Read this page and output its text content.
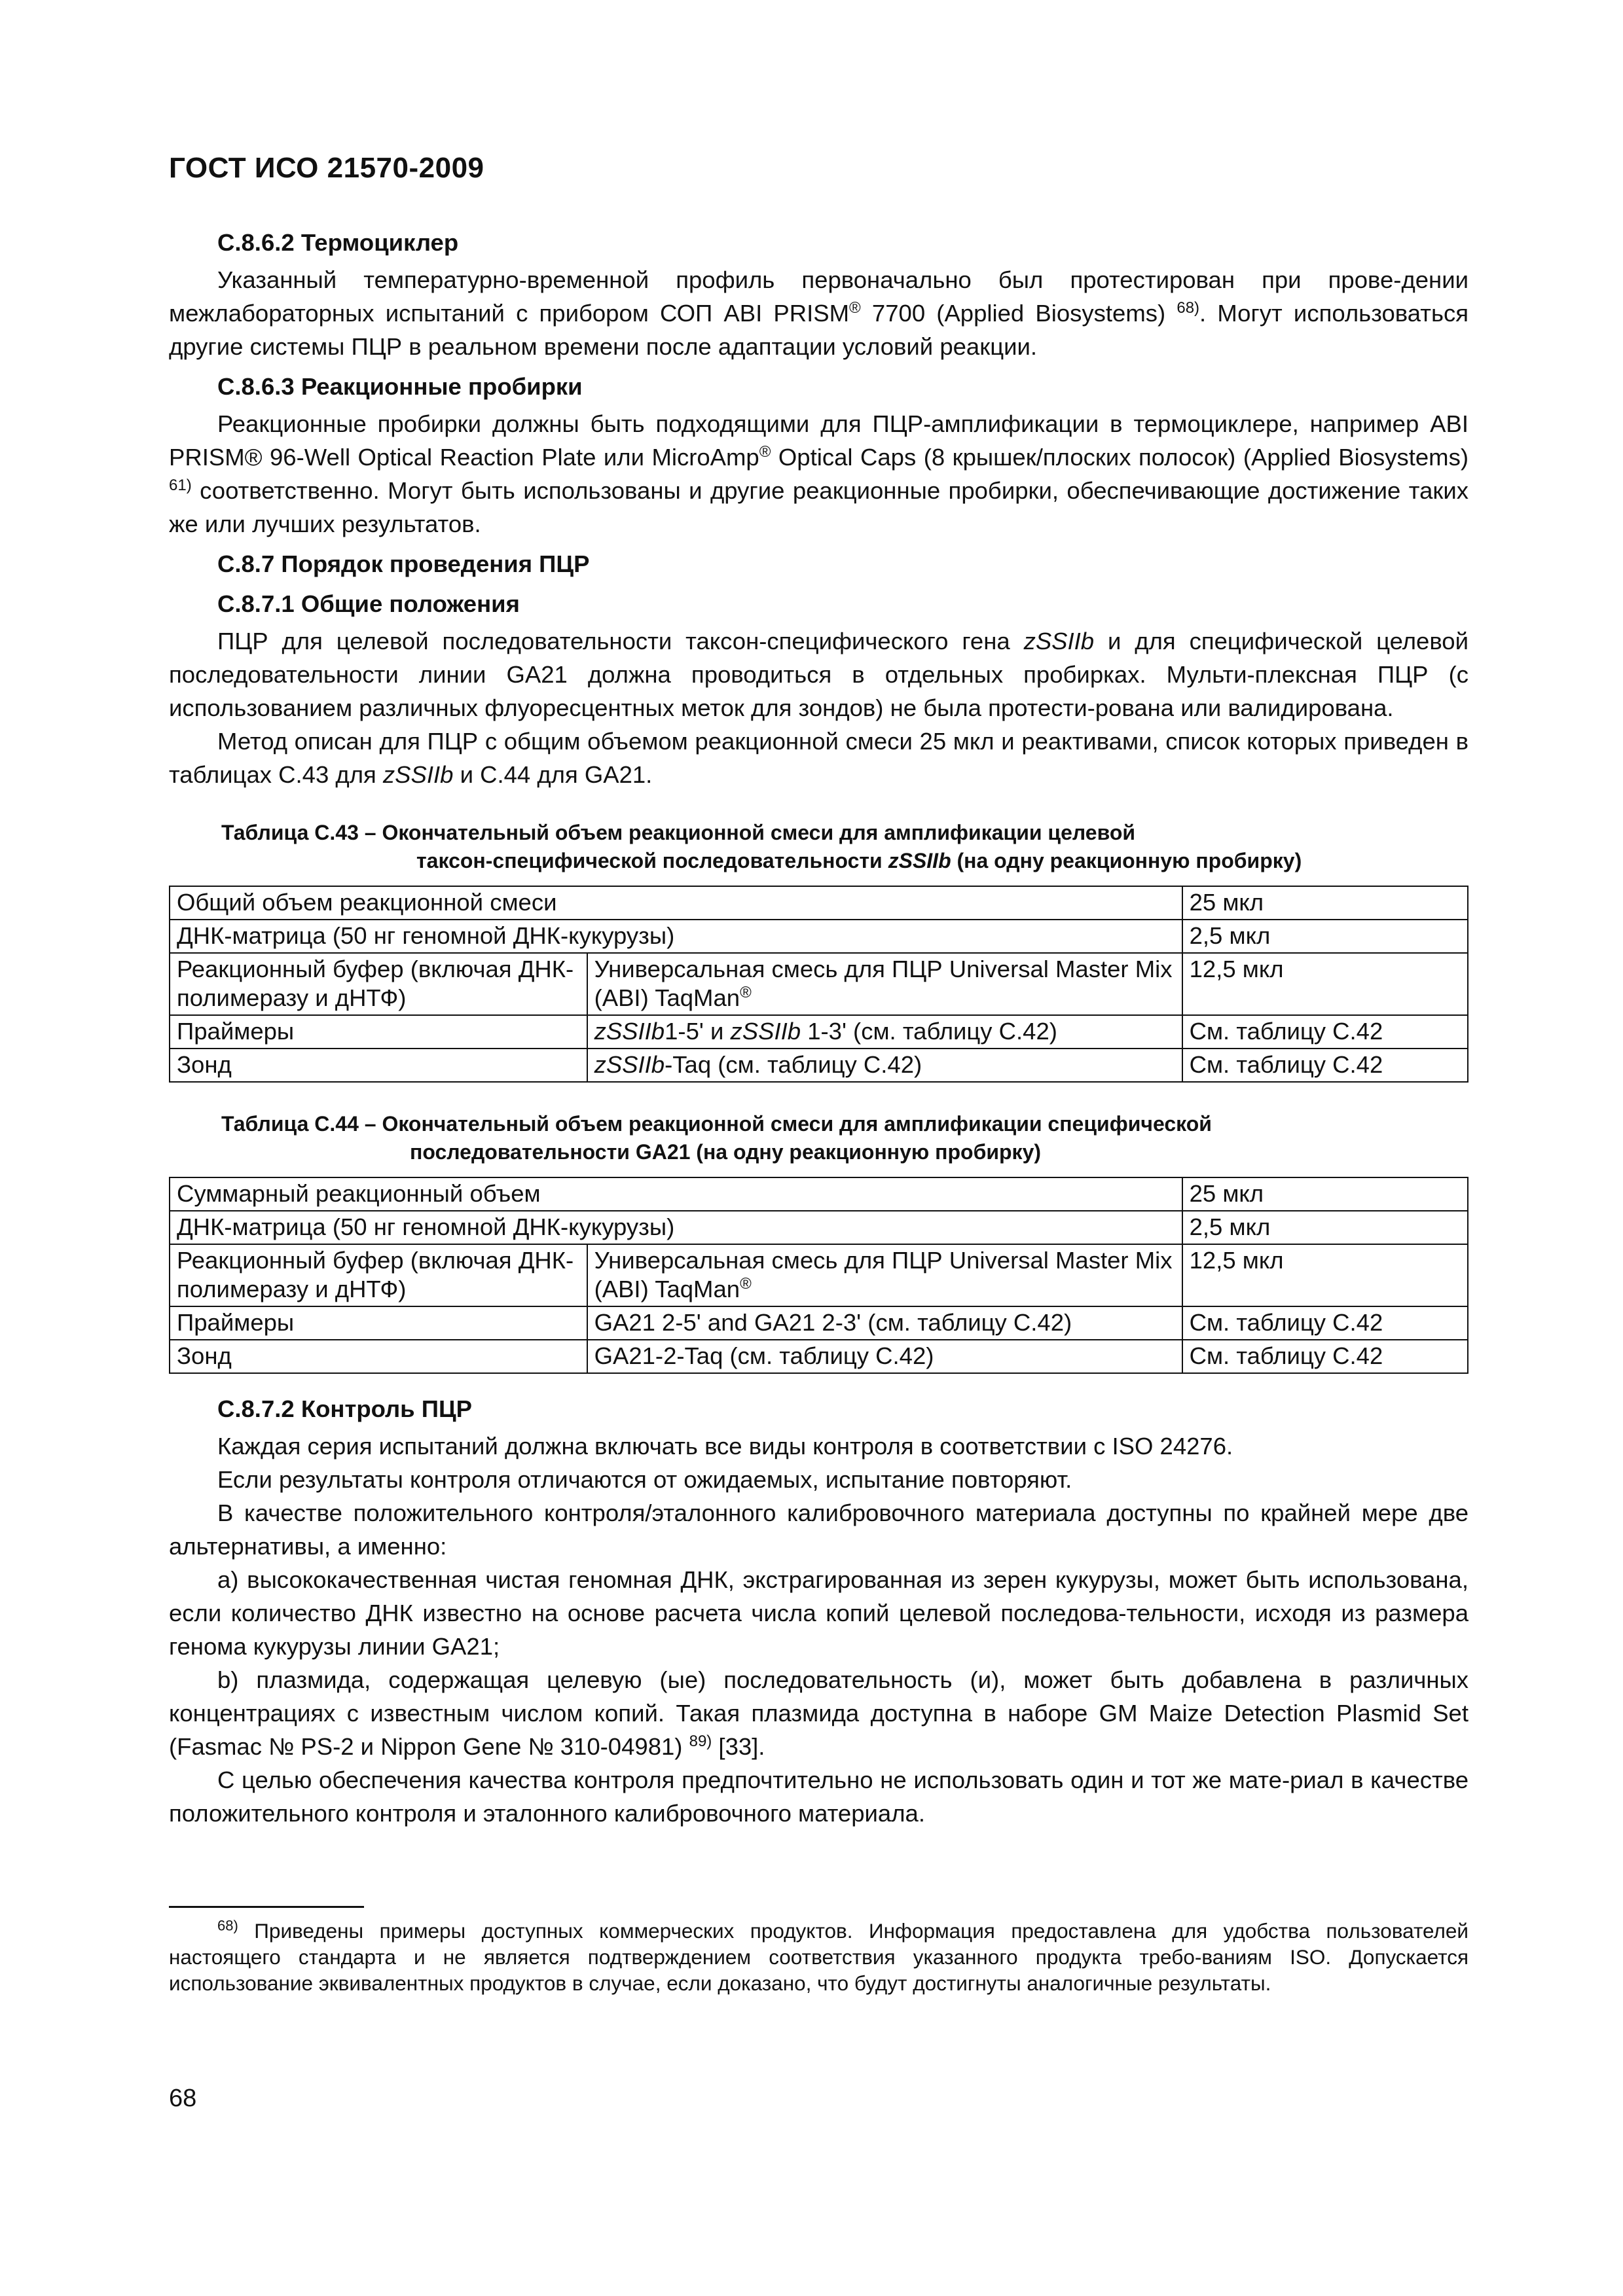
ГОСТ ИСО 21570-2009
С.8.6.2 Термоциклер

Указанный температурно-временной профиль первоначально был протестирован при прове-дении межлабораторных испытаний с прибором СОП ABI PRISM® 7700 (Applied Biosystems) $^{68)}$. Могут использоваться другие системы ПЦР в реальном времени после адаптации условий реакции.

С.8.6.3 Реакционные пробирки

Реакционные пробирки должны быть подходящими для ПЦР-амплификации в термоциклере, например ABI PRISM® 96-Well Optical Reaction Plate или MicroAmp® Optical Caps (8 крышек/плоских полосок) (Applied Biosystems) $^{61)}$ соответственно. Могут быть использованы и другие реакционные пробирки, обеспечивающие достижение таких же или лучших результатов.

С.8.7 Порядок проведения ПЦР
С.8.7.1 Общие положения

ПЦР для целевой последовательности таксон-специфического гена zSSIIb и для специфической целевой последовательности линии GA21 должна проводиться в отдельных пробирках. Мульти-плексная ПЦР (с использованием различных флуоресцентных меток для зондов) не была протести-рована или валидирована.

Метод описан для ПЦР с общим объемом реакционной смеси 25 мкл и реактивами, список которых приведен в таблицах С.43 для zSSIIb и С.44 для GA21.

Таблица С.43 – Окончательный объем реакционной смеси для амплификации целевой
таксон-специфической последовательности zSSIIb (на одну реакционную пробирку)
Общий объем реакционной смеси		25 мкл
ДНК-матрица (50 нг геномной ДНК-кукурузы)		2,5 мкл
Реакционный буфер (включая ДНК-полимеразу и дНТФ)	Универсальная смесь для ПЦР Universal Master Mix (ABI) TaqMan®	12,5 мкл
Праймеры	zSSIIb1-5' и zSSIIb 1-3' (см. таблицу С.42)	См. таблицу С.42
Зонд	zSSIIb-Taq (см. таблицу С.42)	См. таблицу С.42
Таблица С.44 – Окончательный объем реакционной смеси для амплификации специфической
последовательности GA21 (на одну реакционную пробирку)
Суммарный реакционный объем		25 мкл
ДНК-матрица (50 нг геномной ДНК-кукурузы)		2,5 мкл
Реакционный буфер (включая ДНК-полимеразу и дНТФ)	Универсальная смесь для ПЦР Universal Master Mix (ABI) TaqMan®	12,5 мкл
Праймеры	GA21 2-5' and GA21 2-3' (см. таблицу С.42)	См. таблицу С.42
Зонд	GA21-2-Taq (см. таблицу С.42)	См. таблицу С.42
С.8.7.2 Контроль ПЦР

Каждая серия испытаний должна включать все виды контроля в соответствии с ISO 24276.

Если результаты контроля отличаются от ожидаемых, испытание повторяют.

В качестве положительного контроля/эталонного калибровочного материала доступны по крайней мере две альтернативы, а именно:

a) высококачественная чистая геномная ДНК, экстрагированная из зерен кукурузы, может быть использована, если количество ДНК известно на основе расчета числа копий целевой последова-тельности, исходя из размера генома кукурузы линии GA21;

b) плазмида, содержащая целевую (ые) последовательность (и), может быть добавлена в различных концентрациях с известным числом копий. Такая плазмида доступна в наборе GM Maize Detection Plasmid Set (Fasmac № PS-2 и Nippon Gene № 310-04981) $^{89)}$ [33].

С целью обеспечения качества контроля предпочтительно не использовать один и тот же мате-риал в качестве положительного контроля и эталонного калибровочного материала.

$^{68)}$ Приведены примеры доступных коммерческих продуктов. Информация предоставлена для удобства пользователей настоящего стандарта и не является подтверждением соответствия указанного продукта требо-ваниям ISO. Допускается использование эквивалентных продуктов в случае, если доказано, что будут достигнуты аналогичные результаты.
68
